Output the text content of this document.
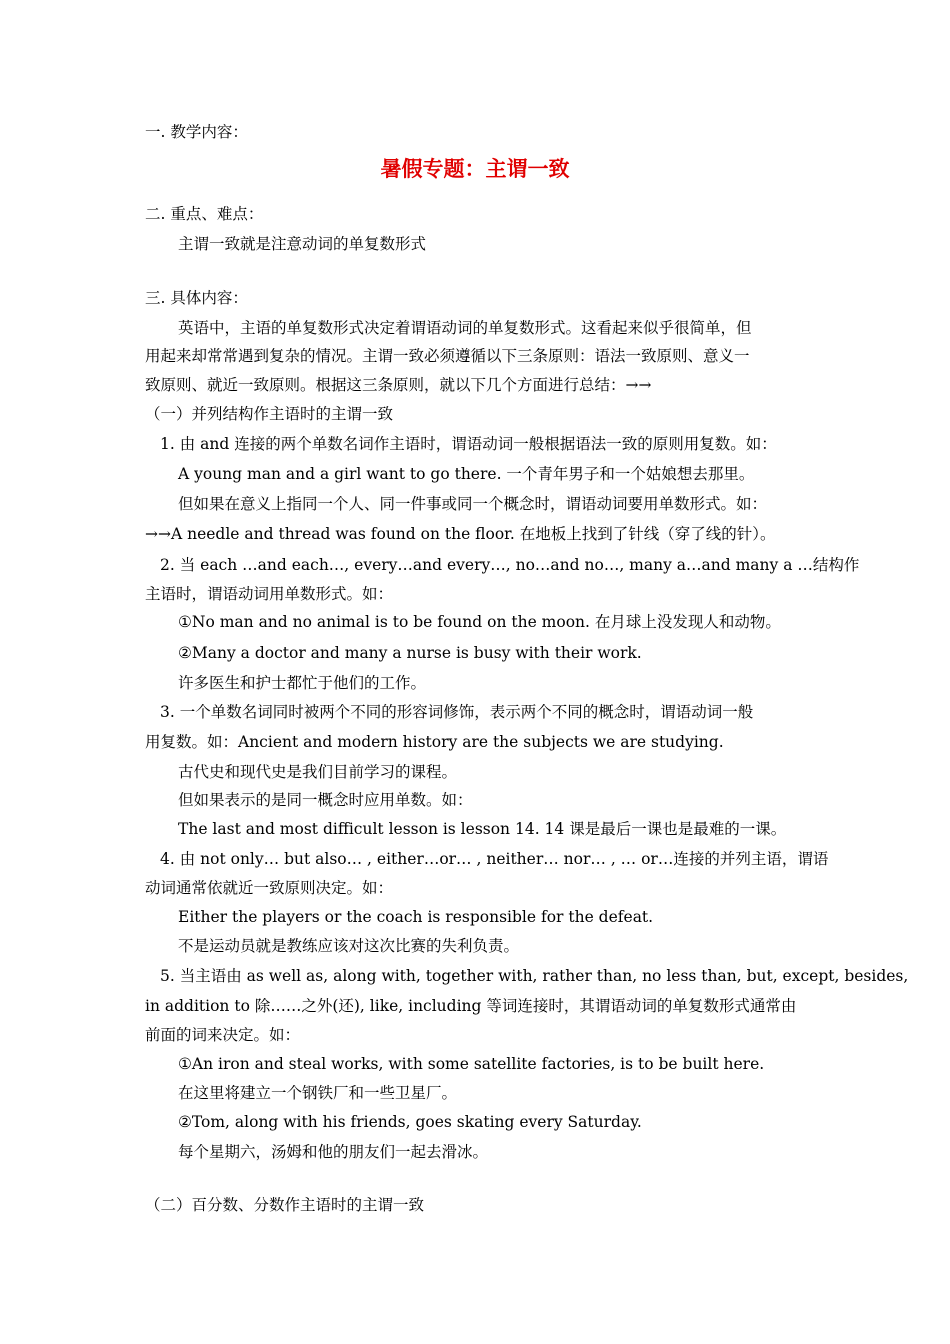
一. 教学内容：
暑假专题：主谓一致
二. 重点、难点：
主谓一致就是注意动词的单复数形式
三. 具体内容：
英语中，主语的单复数形式决定着谓语动词的单复数形式。这看起来似乎很简单，但
用起来却常常遇到复杂的情况。主谓一致必须遵循以下三条原则：语法一致原则、意义一
致原则、就近一致原则。根据这三条原则，就以下几个方面进行总结：→→
（一）并列结构作主语时的主谓一致
1. 由 and 连接的两个单数名词作主语时，谓语动词一般根据语法一致的原则用复数。如：
A young man and a girl want to go there. 一个青年男子和一个姑娘想去那里。
但如果在意义上指同一个人、同一件事或同一个概念时，谓语动词要用单数形式。如：
→→A needle and thread was found on the floor. 在地板上找到了针线（穿了线的针）。
2. 当 each …and each…, every…and every…, no…and no…, many a…and many a …结构作
主语时，谓语动词用单数形式。如：
①No man and no animal is to be found on the moon. 在月球上没发现人和动物。
②Many a doctor and many a nurse is busy with their work.
许多医生和护士都忙于他们的工作。
3. 一个单数名词同时被两个不同的形容词修饰，表示两个不同的概念时，谓语动词一般
用复数。如：Ancient and modern history are the subjects we are studying.
古代史和现代史是我们目前学习的课程。
但如果表示的是同一概念时应用单数。如：
The last and most difficult lesson is lesson 14. 14 课是最后一课也是最难的一课。
4. 由 not only… but also… , either…or… , neither… nor… , … or…连接的并列主语，谓语
动词通常依就近一致原则决定。如：
Either the players or the coach is responsible for the defeat.
不是运动员就是教练应该对这次比赛的失利负责。
5. 当主语由 as well as, along with, together with, rather than, no less than, but, except, besides,
in addition to 除……之外(还), like, including 等词连接时，其谓语动词的单复数形式通常由
前面的词来决定。如：
①An iron and steal works, with some satellite factories, is to be built here.
在这里将建立一个钢铁厂和一些卫星厂。
②Tom, along with his friends, goes skating every Saturday.
每个星期六，汤姆和他的朋友们一起去滑冰。
（二）百分数、分数作主语时的主谓一致
